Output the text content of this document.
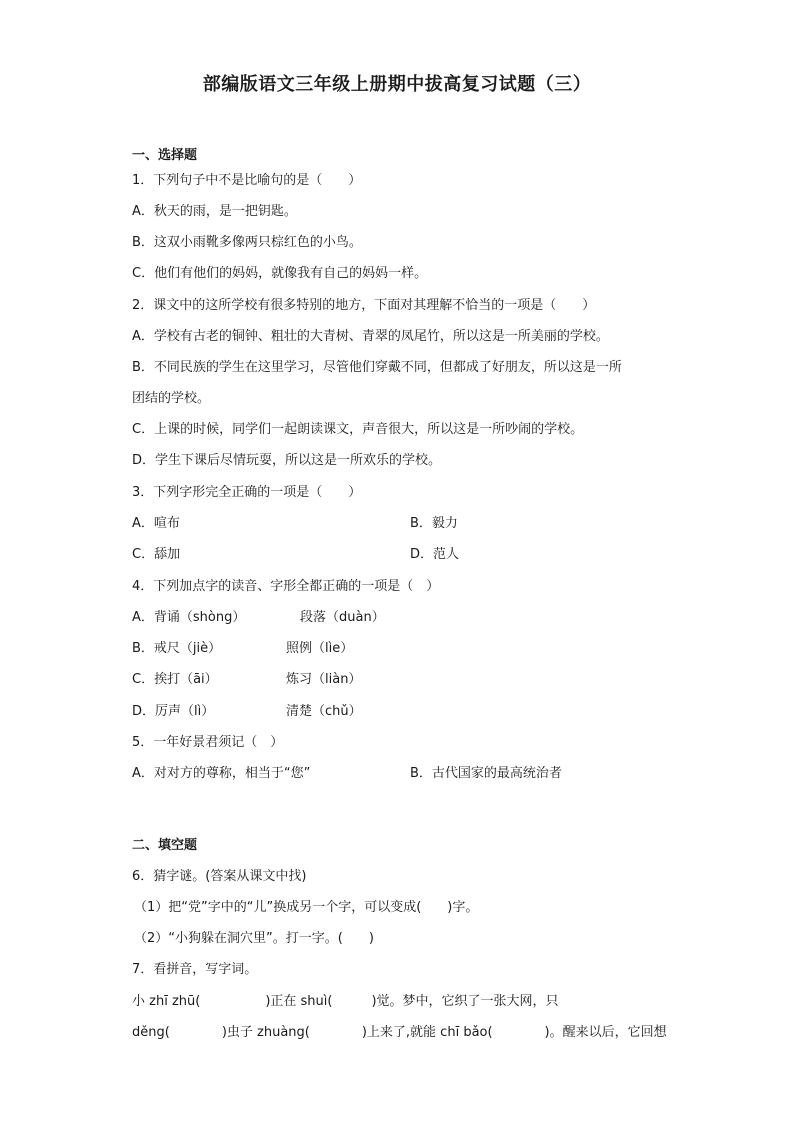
部编版语文三年级上册期中拔高复习试题（三）
一、选择题
1．下列句子中不是比喻句的是（　　）
A．秋天的雨，是一把钥匙。
B．这双小雨靴多像两只棕红色的小鸟。
C．他们有他们的妈妈，就像我有自己的妈妈一样。
2．课文中的这所学校有很多特别的地方，下面对其理解不恰当的一项是（　　）
A．学校有古老的铜钟、粗壮的大青树、青翠的凤尾竹，所以这是一所美丽的学校。
B．不同民族的学生在这里学习，尽管他们穿戴不同，但都成了好朋友，所以这是一所
团结的学校。
C．上课的时候，同学们一起朗读课文，声音很大，所以这是一所吵闹的学校。
D．学生下课后尽情玩耍，所以这是一所欢乐的学校。
3．下列字形完全正确的一项是（　　）
A．喧布	B．毅力
C．舔加	D．范人
4．下列加点字的读音、字形全都正确的一项是（　）
A．背诵（shòng）	段落（duàn）
B．戒尺（jiè）	照例（lìe）
C．挨打（āi）	炼习（liàn）
D．厉声（lì）	清楚（chǔ）
5．一年好景君须记（　）
A．对对方的尊称，相当于“您”	B．古代国家的最高统治者
二、填空题
6．猜字谜。(答案从课文中找)
（1）把“党”字中的“儿”换成另一个字，可以变成(　　)字。
（2）“小狗躲在洞穴里”。打一字。(　　)
7．看拼音，写字词。
小 zhī zhū(　　　　　)正在 shuì(　　　)觉。梦中，它织了一张大网，只
děng(　　　　)虫子 zhuàng(　　　　)上来了,就能 chī bǎo(　　　　)。醒来以后，它回想
